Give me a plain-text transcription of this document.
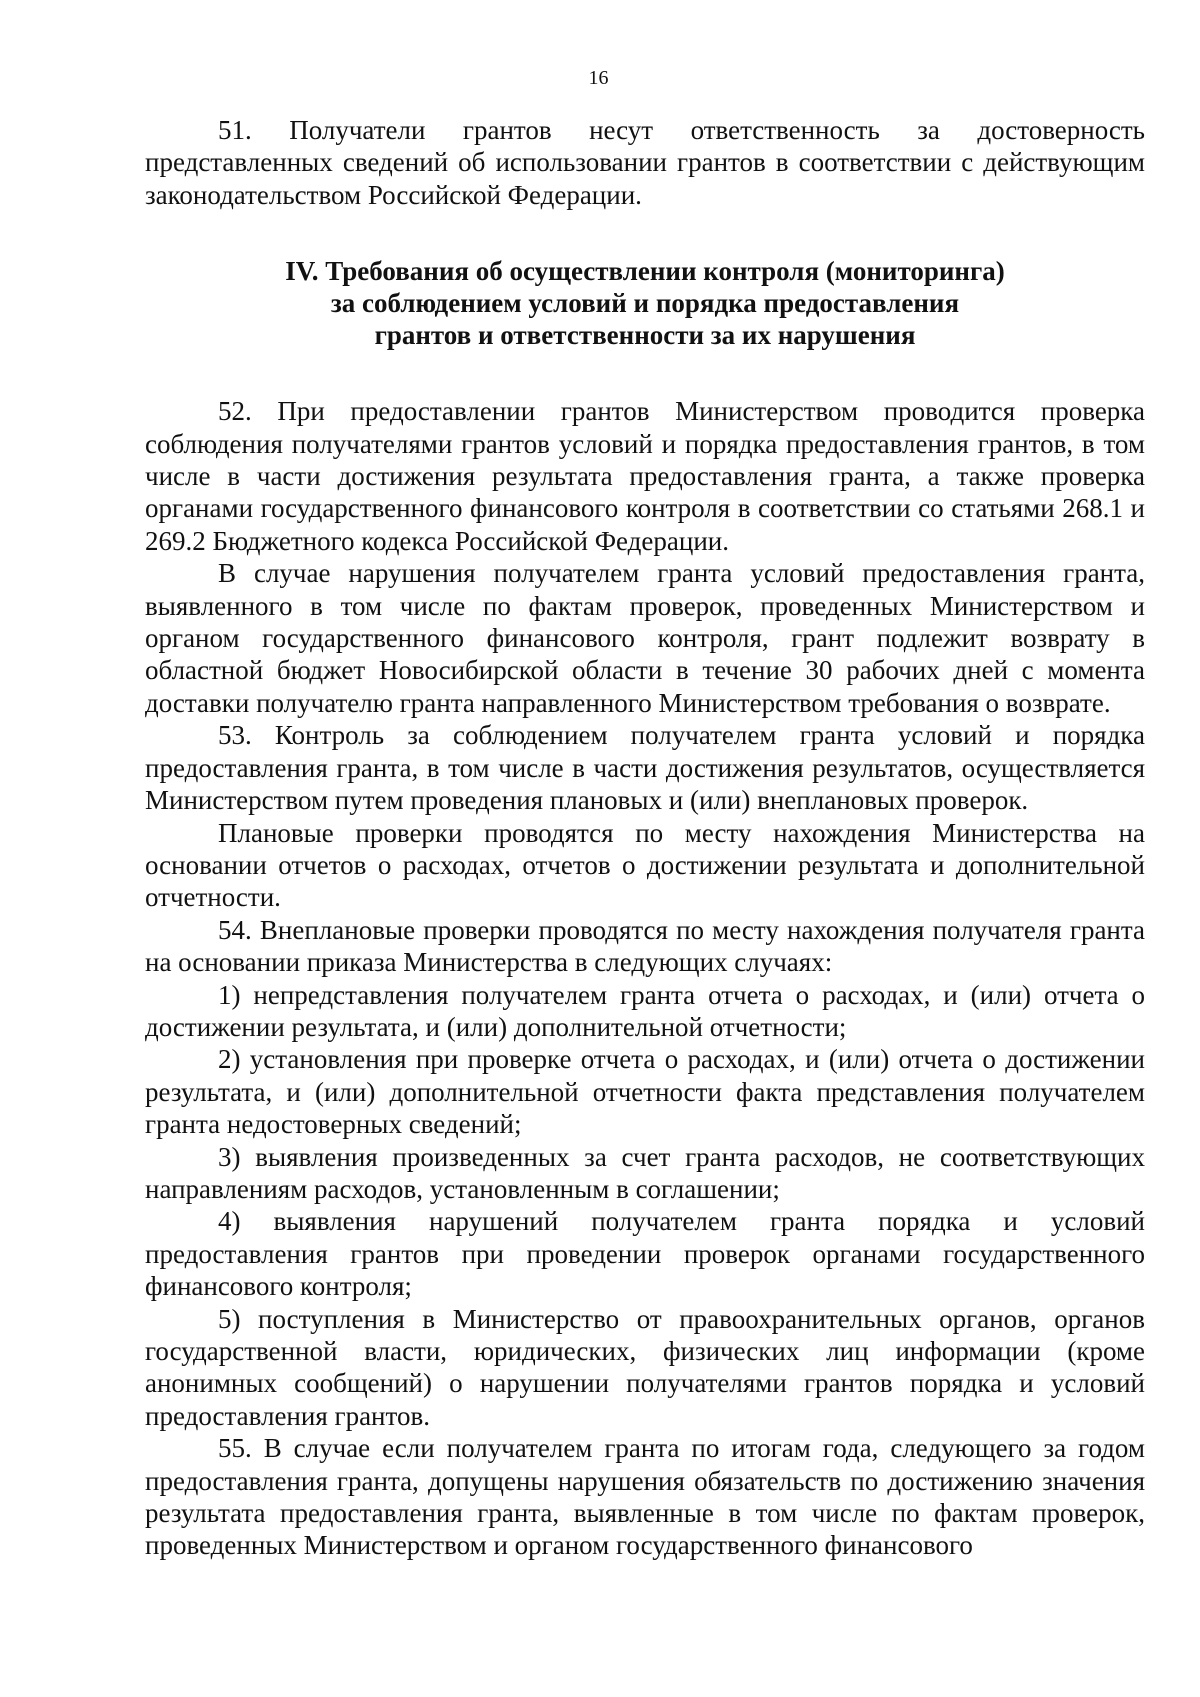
16

51. Получатели грантов несут ответственность за достоверность представленных сведений об использовании грантов в соответствии с действующим законодательством Российской Федерации.

IV. Требования об осуществлении контроля (мониторинга)

за соблюдением условий и порядка предоставления

грантов и ответственности за их нарушения

52. При предоставлении грантов Министерством проводится проверка соблюдения получателями грантов условий и порядка предоставления грантов, в том числе в части достижения результата предоставления гранта, а также проверка органами государственного финансового контроля в соответствии со статьями 268.1 и 269.2 Бюджетного кодекса Российской Федерации.

В случае нарушения получателем гранта условий предоставления гранта, выявленного в том числе по фактам проверок, проведенных Министерством и органом государственного финансового контроля, грант подлежит возврату в областной бюджет Новосибирской области в течение 30 рабочих дней с момента доставки получателю гранта направленного Министерством требования о возврате.

53. Контроль за соблюдением получателем гранта условий и порядка предоставления гранта, в том числе в части достижения результатов, осуществляется Министерством путем проведения плановых и (или) внеплановых проверок.

Плановые проверки проводятся по месту нахождения Министерства на основании отчетов о расходах, отчетов о достижении результата и дополнительной отчетности.

54. Внеплановые проверки проводятся по месту нахождения получателя гранта на основании приказа Министерства в следующих случаях:

1) непредставления получателем гранта отчета о расходах, и (или) отчета о достижении результата, и (или) дополнительной отчетности;

2) установления при проверке отчета о расходах, и (или) отчета о достижении результата, и (или) дополнительной отчетности факта представления получателем гранта недостоверных сведений;

3) выявления произведенных за счет гранта расходов, не соответствующих направлениям расходов, установленным в соглашении;

4) выявления нарушений получателем гранта порядка и условий предоставления грантов при проведении проверок органами государственного финансового контроля;

5) поступления в Министерство от правоохранительных органов, органов государственной власти, юридических, физических лиц информации (кроме анонимных сообщений) о нарушении получателями грантов порядка и условий предоставления грантов.

55. В случае если получателем гранта по итогам года, следующего за годом предоставления гранта, допущены нарушения обязательств по достижению значения результата предоставления гранта, выявленные в том числе по фактам проверок, проведенных Министерством и органом государственного финансового
